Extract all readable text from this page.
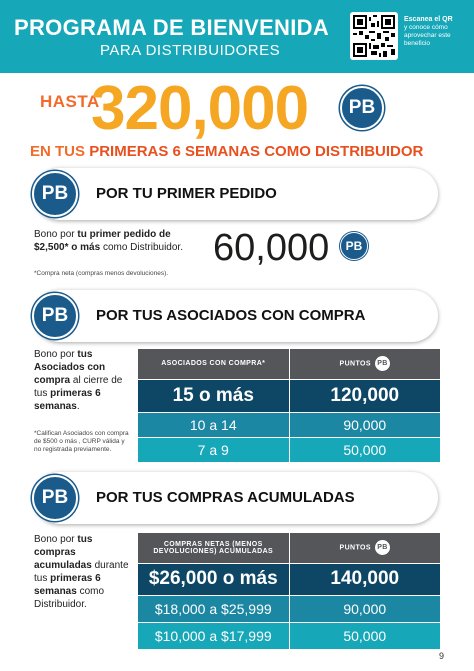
PROGRAMA DE BIENVENIDA
PARA DISTRIBUIDORES
Escanea el QR
y conoce cómo aprovechar este beneficio
HASTA
320,000	PB
EN TUS PRIMERAS 6 SEMANAS COMO DISTRIBUIDOR
PB	POR TU PRIMER PEDIDO
Bono por tu primer pedido de $2,500* o más como Distribuidor.
*Compra neta (compras menos devoluciones).
60,000	PB
PB	POR TUS ASOCIADOS CON COMPRA
Bono por tus Asociados con compra al cierre de tus primeras 6 semanas.
*Califican Asociados con compra de $500 o más , CURP válida y no registrada previamente.
ASOCIADOS CON COMPRA*	PUNTOS PB
15 o más	120,000
10 a 14	90,000
7 a 9	50,000
PB	POR TUS COMPRAS ACUMULADAS
Bono por tus compras acumuladas durante tus primeras 6 semanas como Distribuidor.
COMPRAS NETAS (MENOS DEVOLUCIONES) ACUMULADAS	PUNTOS PB
$26,000 o más	140,000
$18,000 a $25,999	90,000
$10,000 a $17,999	50,000
9
